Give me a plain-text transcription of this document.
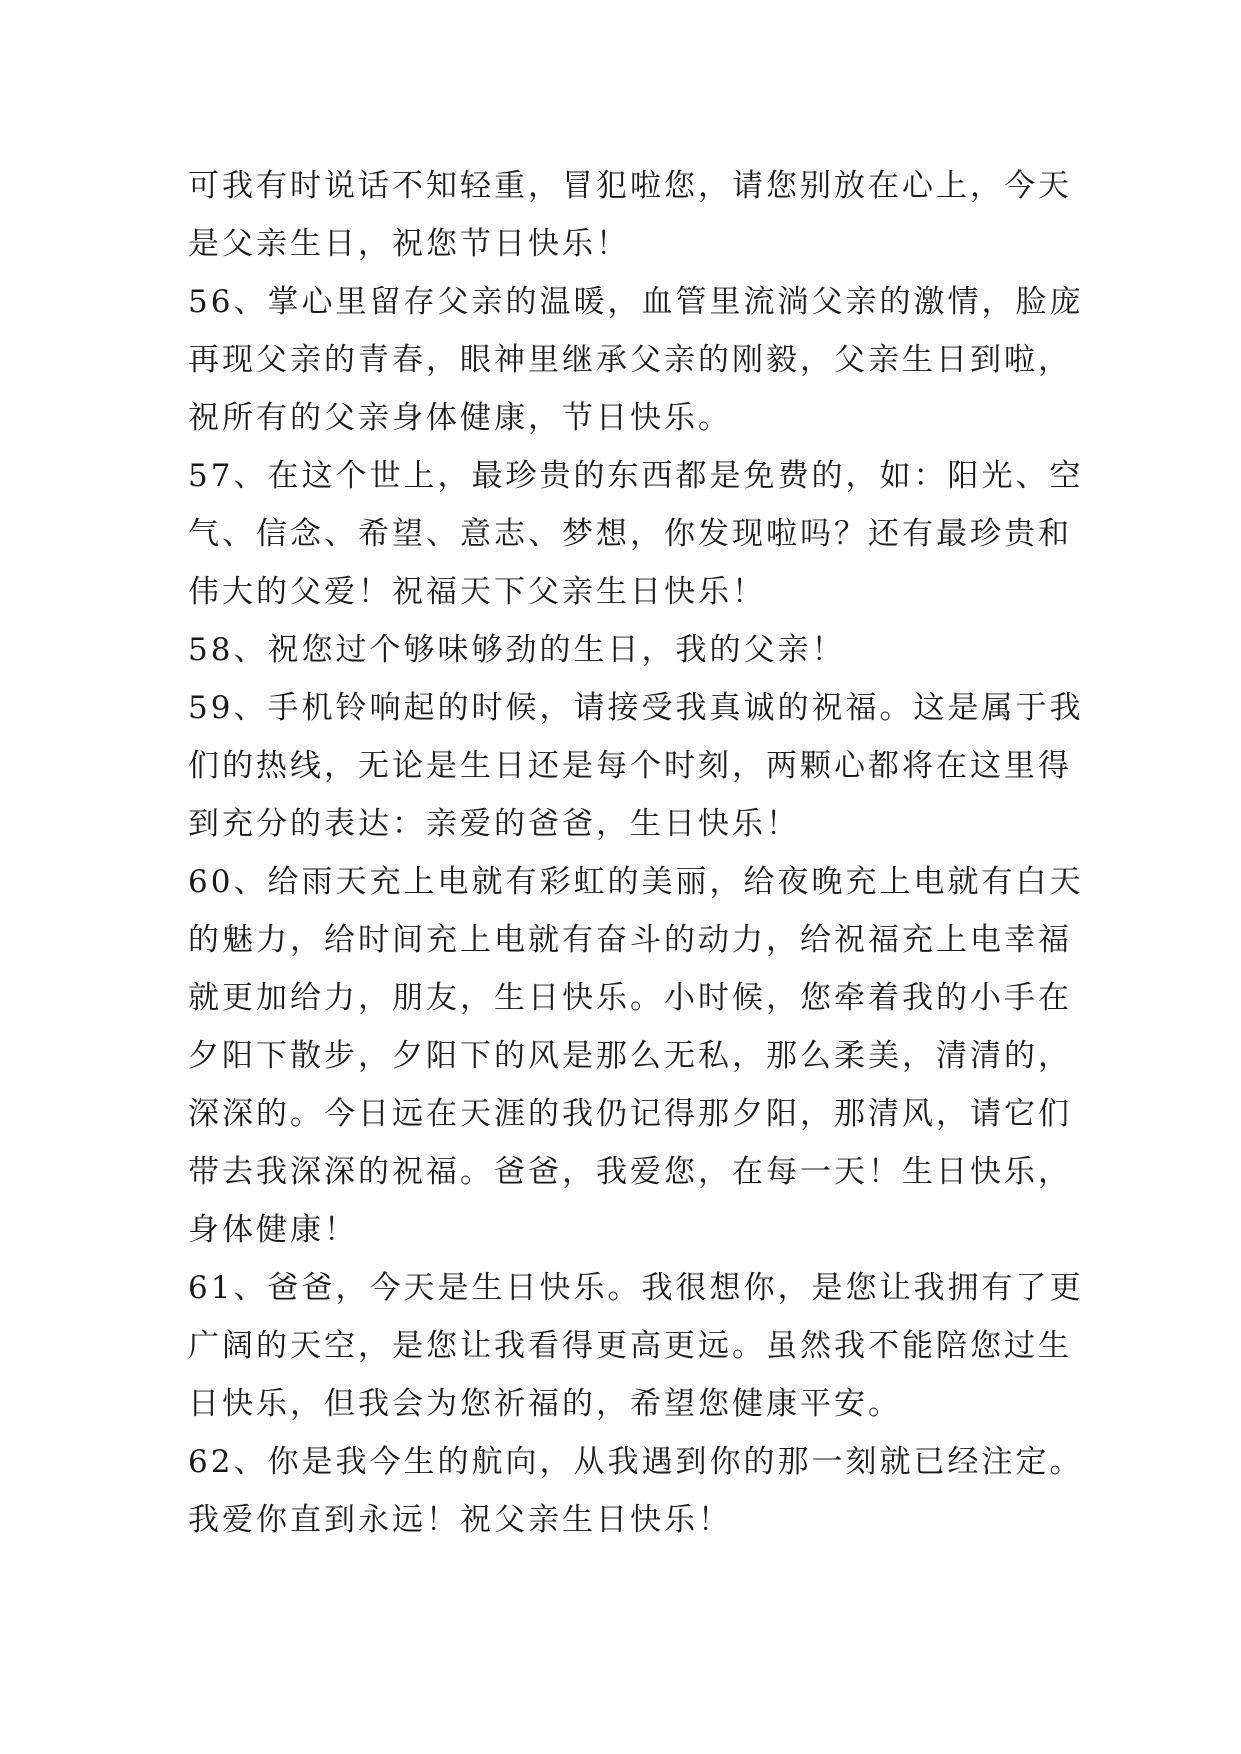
可我有时说话不知轻重，冒犯啦您，请您别放在心上，今天
是父亲生日，祝您节日快乐！
56、掌心里留存父亲的温暖，血管里流淌父亲的激情，脸庞
再现父亲的青春，眼神里继承父亲的刚毅，父亲生日到啦，
祝所有的父亲身体健康，节日快乐。
57、在这个世上，最珍贵的东西都是免费的，如：阳光、空
气、信念、希望、意志、梦想，你发现啦吗？还有最珍贵和
伟大的父爱！祝福天下父亲生日快乐！
58、祝您过个够味够劲的生日，我的父亲！
59、手机铃响起的时候，请接受我真诚的祝福。这是属于我
们的热线，无论是生日还是每个时刻，两颗心都将在这里得
到充分的表达：亲爱的爸爸，生日快乐！
60、给雨天充上电就有彩虹的美丽，给夜晚充上电就有白天
的魅力，给时间充上电就有奋斗的动力，给祝福充上电幸福
就更加给力，朋友，生日快乐。小时候，您牵着我的小手在
夕阳下散步，夕阳下的风是那么无私，那么柔美，清清的，
深深的。今日远在天涯的我仍记得那夕阳，那清风，请它们
带去我深深的祝福。爸爸，我爱您，在每一天！生日快乐，
身体健康！
61、爸爸，今天是生日快乐。我很想你，是您让我拥有了更
广阔的天空，是您让我看得更高更远。虽然我不能陪您过生
日快乐，但我会为您祈福的，希望您健康平安。
62、你是我今生的航向，从我遇到你的那一刻就已经注定。
我爱你直到永远！祝父亲生日快乐！
